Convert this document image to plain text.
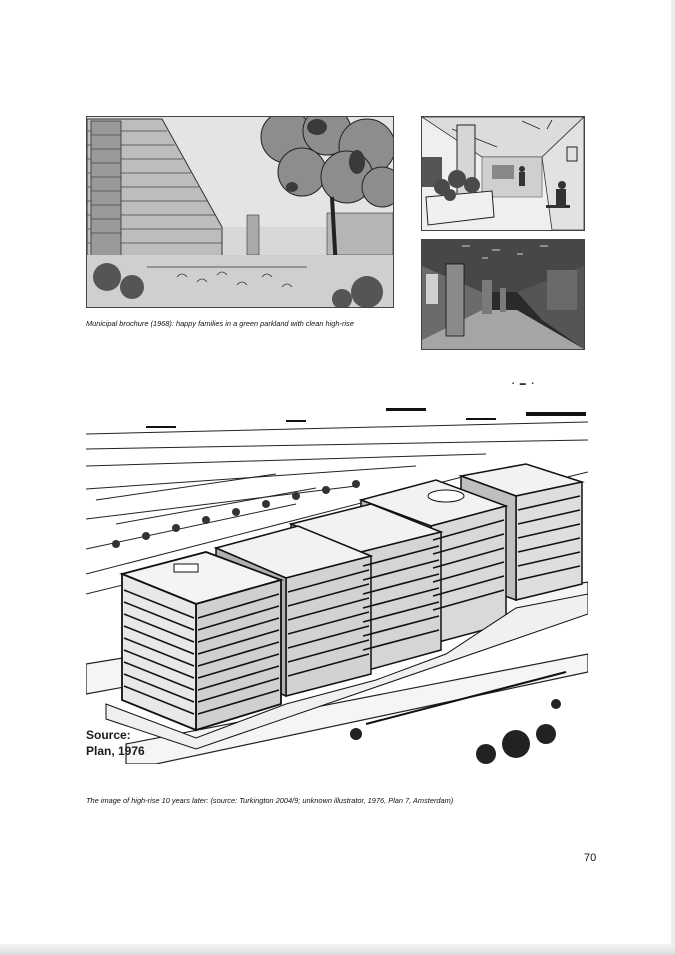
Municipal brochure (1968): happy families in a green parkland with clean high-rise
▪ ▬ ▪
Source:
Plan, 1976
The image of high-rise 10 years later: (source: Turkington 2004/9; unknown illustrator, 1976, Plan 7, Amsterdam)
70
